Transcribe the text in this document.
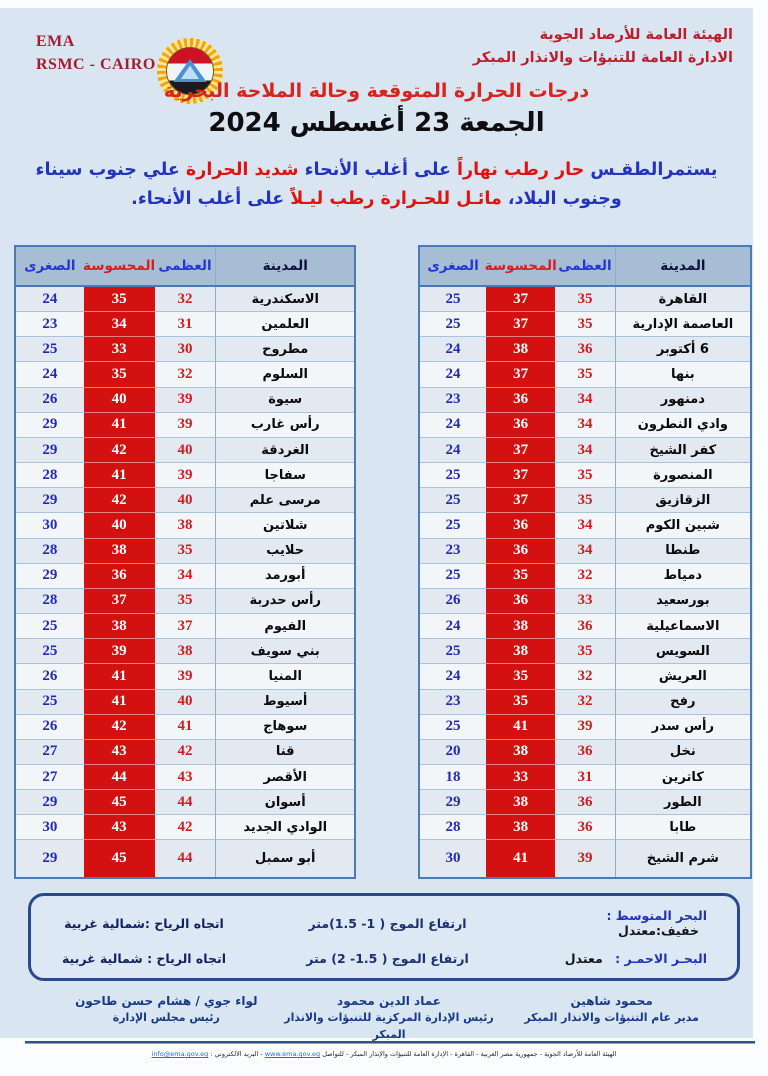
EMA
RSMC - CAIRO
الهيئة العامة للأرصاد الجوية
الادارة العامة للتنبؤات والانذار المبكر
درجات الحرارة المتوقعة وحالة الملاحة البحرية
الجمعة 23 أغسطس 2024
يستمرالطقـس حار رطب نهاراً على أغلب الأنحاء شديد الحرارة علي جنوب سيناء وجنوب البلاد، مائـل للحـرارة رطب ليـلاً على أغلب الأنحاء.
المدينة
العظمى
المحسوسة
الصغرى
القاهرة
35
37
25
العاصمة الإدارية
35
37
25
6 أكتوبر
36
38
24
بنها
35
37
24
دمنهور
34
36
23
وادي النطرون
34
36
24
كفر الشيخ
34
37
24
المنصورة
35
37
25
الزقازيق
35
37
25
شبين الكوم
34
36
25
طنطا
34
36
23
دمياط
32
35
25
بورسعيد
33
36
26
الاسماعيلية
36
38
24
السويس
35
38
25
العريش
32
35
24
رفح
32
35
23
رأس سدر
39
41
25
نخل
36
38
20
كاترين
31
33
18
الطور
36
38
29
طابا
36
38
28
شرم الشيخ
39
41
30
المدينة
العظمى
المحسوسة
الصغرى
الاسكندرية
32
35
24
العلمين
31
34
23
مطروح
30
33
25
السلوم
32
35
24
سيوة
39
40
26
رأس غارب
39
41
29
الغردقة
40
42
29
سفاجا
39
41
28
مرسى علم
40
42
29
شلاتين
38
40
30
حلايب
35
38
28
أبورمد
34
36
29
رأس حدربة
35
37
28
الفيوم
37
38
25
بني سويف
38
39
25
المنيا
39
41
26
أسيوط
40
41
25
سوهاج
41
42
26
قنا
42
43
27
الأقصر
43
44
27
أسوان
44
45
29
الوادي الجديد
42
43
30
أبو سمبل
44
45
29
البحر المتوسط : خفيف:معتدل
ارتفاع الموج ( 1- 1.5)متر
اتجاه الرياح :شمالية غربية
البحـر الاحمـر : معتدل
ارتفاع الموج ( 1.5- 2) متر
اتجاه الرياح : شمالية غربية
محمود شاهين
مدير عام التنبؤات والانذار المبكر
عماد الدين محمود
رئيس الإدارة المركزية للتنبؤات والانذار المبكر
لواء جوي / هشام حسن طاحون
رئيس مجلس الإدارة
الهيئة العامة للأرصاد الجوية - جمهورية مصر العربية - القاهرة - الإدارة العامة للتنبؤات والإنذار المبكر - للتواصل www.ema.gov.eg - البريد الالكتروني : info@ema.gov.eg
